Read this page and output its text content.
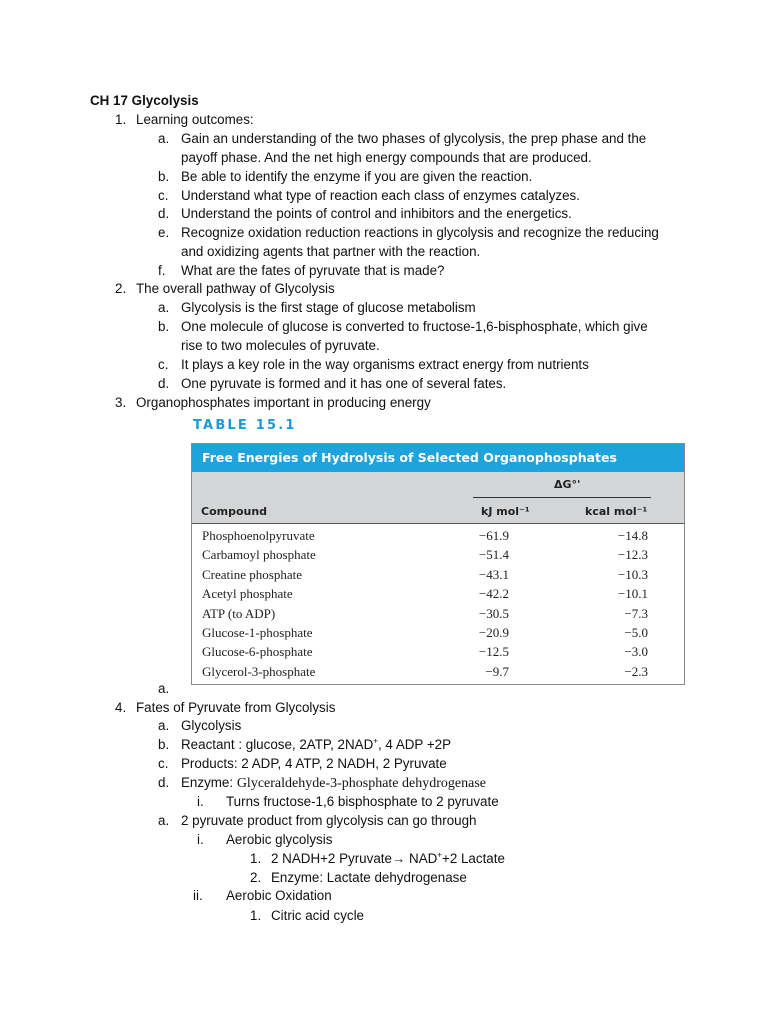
CH 17 Glycolysis
1. Learning outcomes:
a. Gain an understanding of the two phases of glycolysis, the prep phase and the
payoff phase. And the net high energy compounds that are produced.
b. Be able to identify the enzyme if you are given the reaction.
c. Understand what type of reaction each class of enzymes catalyzes.
d. Understand the points of control and inhibitors and the energetics.
e. Recognize oxidation reduction reactions in glycolysis and recognize the reducing
and oxidizing agents that partner with the reaction.
f. What are the fates of pyruvate that is made?
2. The overall pathway of Glycolysis
a. Glycolysis is the first stage of glucose metabolism
b. One molecule of glucose is converted to fructose-1,6-bisphosphate, which give
rise to two molecules of pyruvate.
c. It plays a key role in the way organisms extract energy from nutrients
d. One pyruvate is formed and it has one of several fates.
3. Organophosphates important in producing energy
TABLE 15.1
Free Energies of Hydrolysis of Selected Organophosphates
ΔG°'
Compound	kJ mol⁻¹	kcal mol⁻¹
Phosphoenolpyruvate	−61.9	−14.8
Carbamoyl phosphate	−51.4	−12.3
Creatine phosphate	−43.1	−10.3
Acetyl phosphate	−42.2	−10.1
ATP (to ADP)	−30.5	−7.3
Glucose-1-phosphate	−20.9	−5.0
Glucose-6-phosphate	−12.5	−3.0
Glycerol-3-phosphate	−9.7	−2.3
a.
4. Fates of Pyruvate from Glycolysis
a. Glycolysis
b. Reactant : glucose, 2ATP, 2NAD+, 4 ADP +2P
c. Products: 2 ADP, 4 ATP, 2 NADH, 2 Pyruvate
d. Enzyme: Glyceraldehyde-3-phosphate dehydrogenase
i. Turns fructose-1,6 bisphosphate to 2 pyruvate
a. 2 pyruvate product from glycolysis can go through
i. Aerobic glycolysis
1. 2 NADH+2 Pyruvate→ NAD++2 Lactate
2. Enzyme: Lactate dehydrogenase
ii. Aerobic Oxidation
1. Citric acid cycle
